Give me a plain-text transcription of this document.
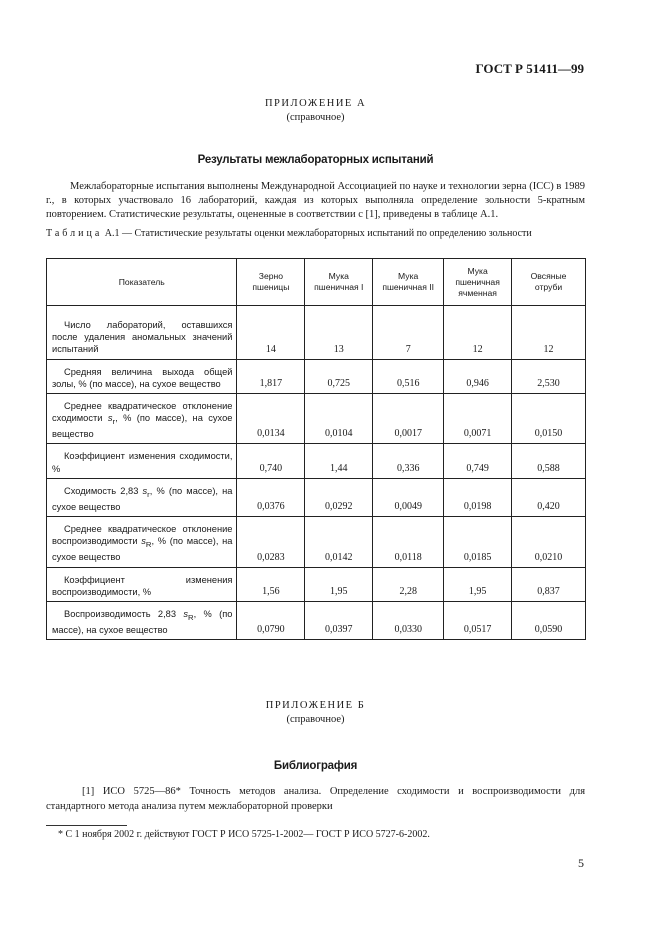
ГОСТ Р 51411—99
ПРИЛОЖЕНИЕ А
(справочное)
Результаты межлабораторных испытаний
Межлабораторные испытания выполнены Международной Ассоциацией по науке и технологии зерна (ICC) в 1989 г., в которых участвовало 16 лабораторий, каждая из которых выполняла определение зольности 5-кратным повторением. Статистические результаты, оцененные в соответствии с [1], приведены в таблице А.1.
Таблица А.1 — Статистические результаты оценки межлабораторных испытаний по определению зольности
Показатель	Зерно пшеницы	Мука пшеничная I	Мука пшеничная II	Мука пшеничная ячменная	Овсяные отруби

Число лабораторий, оставшихся после удаления аномальных значений испытаний	14	13	7	12	12
Средняя величина выхода общей золы, % (по массе), на сухое вещество	1,817	0,725	0,516	0,946	2,530
Среднее квадратическое отклонение сходимости $s_r$, % (по массе), на сухое вещество	0,0134	0,0104	0,0017	0,0071	0,0150
Коэффициент изменения сходимости, %	0,740	1,44	0,336	0,749	0,588
Сходимость 2,83 $s_r$, % (по массе), на сухое вещество	0,0376	0,0292	0,0049	0,0198	0,420
Среднее квадратическое отклонение воспроизводимости $s_R$, % (по массе), на сухое вещество	0,0283	0,0142	0,0118	0,0185	0,0210
Коэффициент изменения воспроизводимости, %	1,56	1,95	2,28	1,95	0,837
Воспроизводимость 2,83 $s_R$, % (по массе), на сухое вещество	0,0790	0,0397	0,0330	0,0517	0,0590
ПРИЛОЖЕНИЕ Б
(справочное)
Библиография
[1] ИСО 5725—86* Точность методов анализа. Определение сходимости и воспроизводимости для стандартного метода анализа путем межлабораторной проверки
* С 1 ноября 2002 г. действуют ГОСТ Р ИСО 5725-1-2002— ГОСТ Р ИСО 5727-6-2002.
5
